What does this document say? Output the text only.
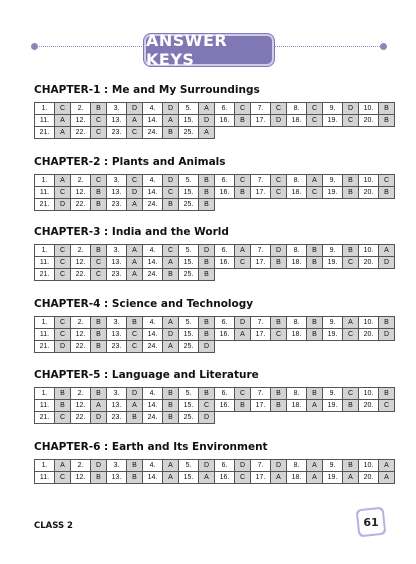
ANSWER KEYS
CHAPTER-1 : Me and My Surroundings
1.	C	2.	B	3.	D	4.	D	5.	A	6.	C	7.	C	8.	C	9.	D	10.	B
11.	A	12.	C	13.	A	14.	A	15.	D	16.	B	17.	D	18.	C	19.	C	20.	B
21.	A	22.	C	23.	C	24.	B	25.	A										
CHAPTER-2 : Plants and Animals
1.	A	2.	C	3.	C	4.	D	5.	B	6.	C	7.	C	8.	A	9.	B	10.	C
11.	C	12.	B	13.	D	14.	C	15.	B	16.	B	17.	C	18.	C	19.	B	20.	B
21.	D	22.	B	23.	A	24.	B	25.	B										
CHAPTER-3 : India and the World
1.	C	2.	B	3.	A	4.	C	5.	D	6.	A	7.	D	8.	B	9.	B	10.	A
11.	C	12.	C	13.	A	14.	A	15.	B	16.	C	17.	B	18.	B	19.	C	20.	D
21.	C	22.	C	23.	A	24.	B	25.	B										
CHAPTER-4 : Science and Technology
1.	C	2.	B	3.	B	4.	A	5.	B	6.	D	7.	B	8.	B	9.	A	10.	B
11.	C	12.	B	13.	C	14.	D	15.	B	16.	A	17.	C	18.	B	19.	C	20.	D
21.	D	22.	B	23.	C	24.	A	25.	D										
CHAPTER-5 : Language and Literature
1.	B	2.	B	3.	D	4.	B	5.	B	6.	C	7.	B	8.	B	9.	C	10.	B
11.	B	12.	A	13.	A	14.	B	15.	C	16.	B	17.	B	18.	A	19.	B	20.	C
21.	C	22.	D	23.	B	24.	B	25.	D										
CHAPTER-6 : Earth and Its Environment
1.	A	2.	D	3.	B	4.	A	5.	D	6.	D	7.	D	8.	A	9.	B	10.	A
11.	C	12.	B	13.	B	14.	A	15.	A	16.	C	17.	A	18.	A	19.	A	20.	A
CLASS 2	61
